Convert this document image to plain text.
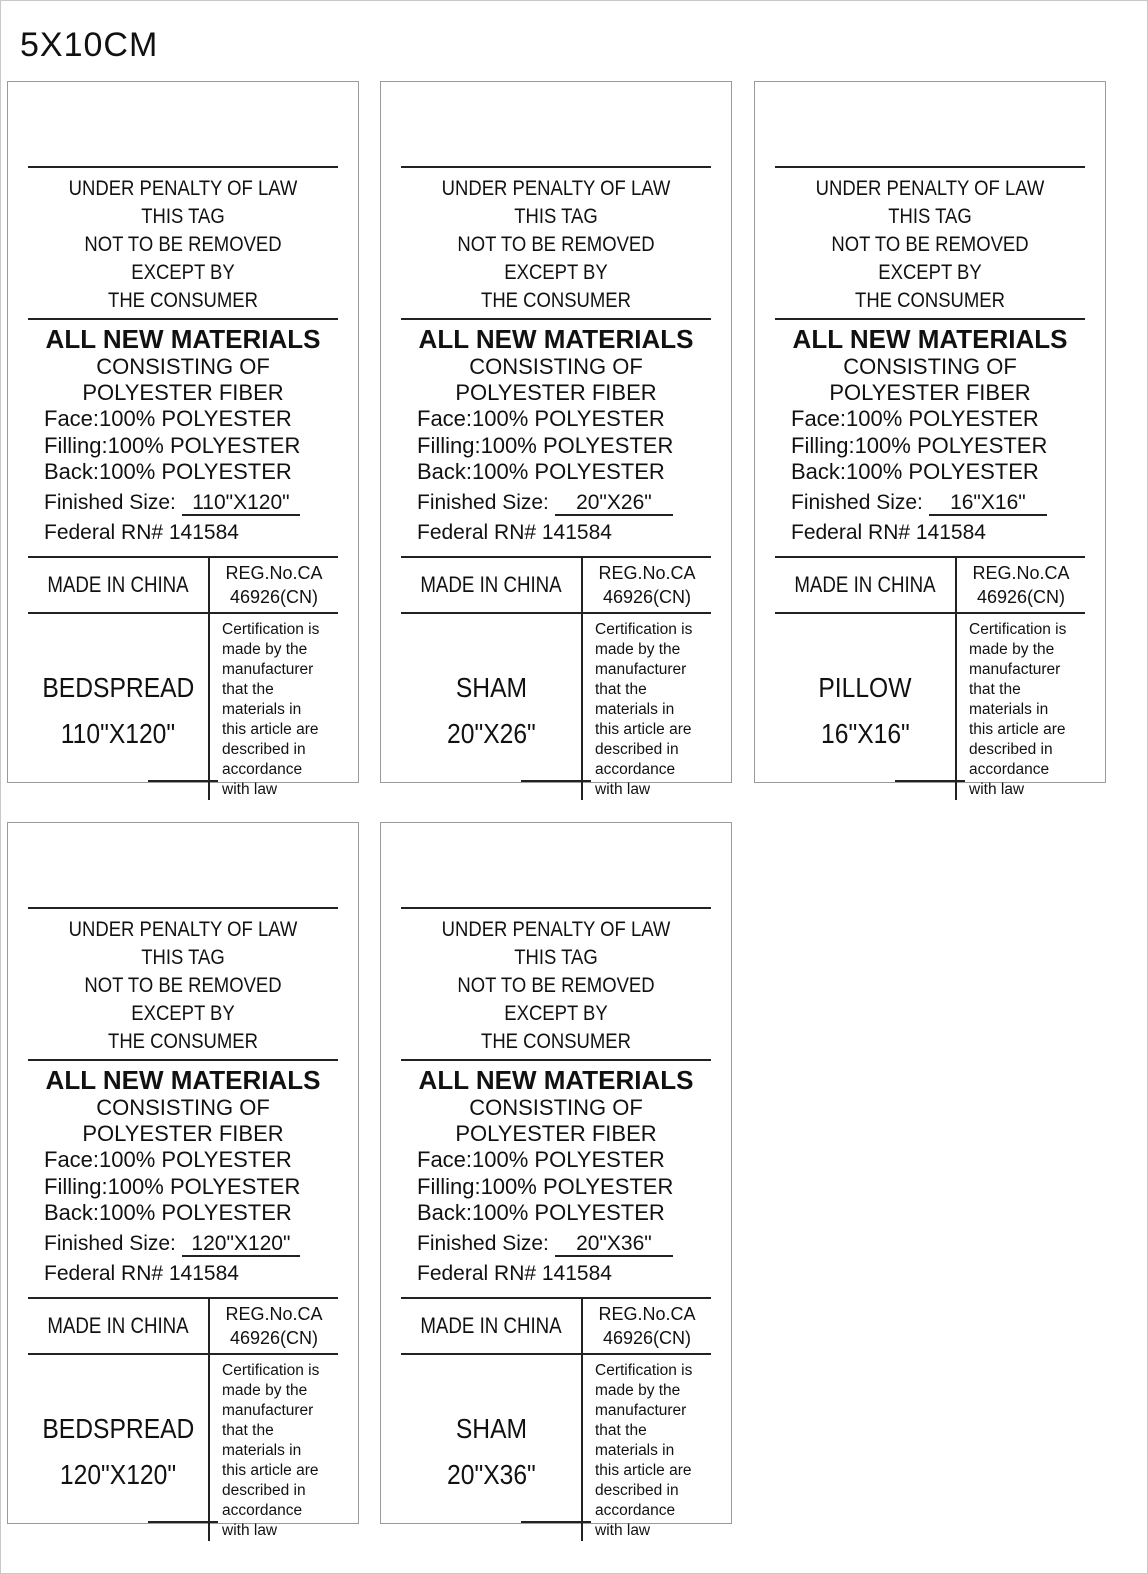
5X10CM
UNDER PENALTY OF LAW THIS TAG
NOT TO BE REMOVED EXCEPT BY
THE CONSUMER
ALL NEW MATERIALS
CONSISTING OF
POLYESTER FIBER
Face:100% POLYESTER
Filling:100% POLYESTER
Back:100% POLYESTER
Finished Size: 110"X120"
Federal RN# 141584
MADE IN CHINA	REG.No.CA
46926(CN)
BEDSPREAD
110"X120"
Certification is
made by the
manufacturer
that the
materials in
this article are
described in
accordance
with law
UNDER PENALTY OF LAW THIS TAG
NOT TO BE REMOVED EXCEPT BY
THE CONSUMER
ALL NEW MATERIALS
CONSISTING OF
POLYESTER FIBER
Face:100% POLYESTER
Filling:100% POLYESTER
Back:100% POLYESTER
Finished Size: 20"X26"
Federal RN# 141584
MADE IN CHINA	REG.No.CA
46926(CN)
SHAM
20"X26"
Certification is
made by the
manufacturer
that the
materials in
this article are
described in
accordance
with law
UNDER PENALTY OF LAW THIS TAG
NOT TO BE REMOVED EXCEPT BY
THE CONSUMER
ALL NEW MATERIALS
CONSISTING OF
POLYESTER FIBER
Face:100% POLYESTER
Filling:100% POLYESTER
Back:100% POLYESTER
Finished Size: 16"X16"
Federal RN# 141584
MADE IN CHINA	REG.No.CA
46926(CN)
PILLOW
16"X16"
Certification is
made by the
manufacturer
that the
materials in
this article are
described in
accordance
with law
UNDER PENALTY OF LAW THIS TAG
NOT TO BE REMOVED EXCEPT BY
THE CONSUMER
ALL NEW MATERIALS
CONSISTING OF
POLYESTER FIBER
Face:100% POLYESTER
Filling:100% POLYESTER
Back:100% POLYESTER
Finished Size: 120"X120"
Federal RN# 141584
MADE IN CHINA	REG.No.CA
46926(CN)
BEDSPREAD
120"X120"
Certification is
made by the
manufacturer
that the
materials in
this article are
described in
accordance
with law
UNDER PENALTY OF LAW THIS TAG
NOT TO BE REMOVED EXCEPT BY
THE CONSUMER
ALL NEW MATERIALS
CONSISTING OF
POLYESTER FIBER
Face:100% POLYESTER
Filling:100% POLYESTER
Back:100% POLYESTER
Finished Size: 20"X36"
Federal RN# 141584
MADE IN CHINA	REG.No.CA
46926(CN)
SHAM
20"X36"
Certification is
made by the
manufacturer
that the
materials in
this article are
described in
accordance
with law
